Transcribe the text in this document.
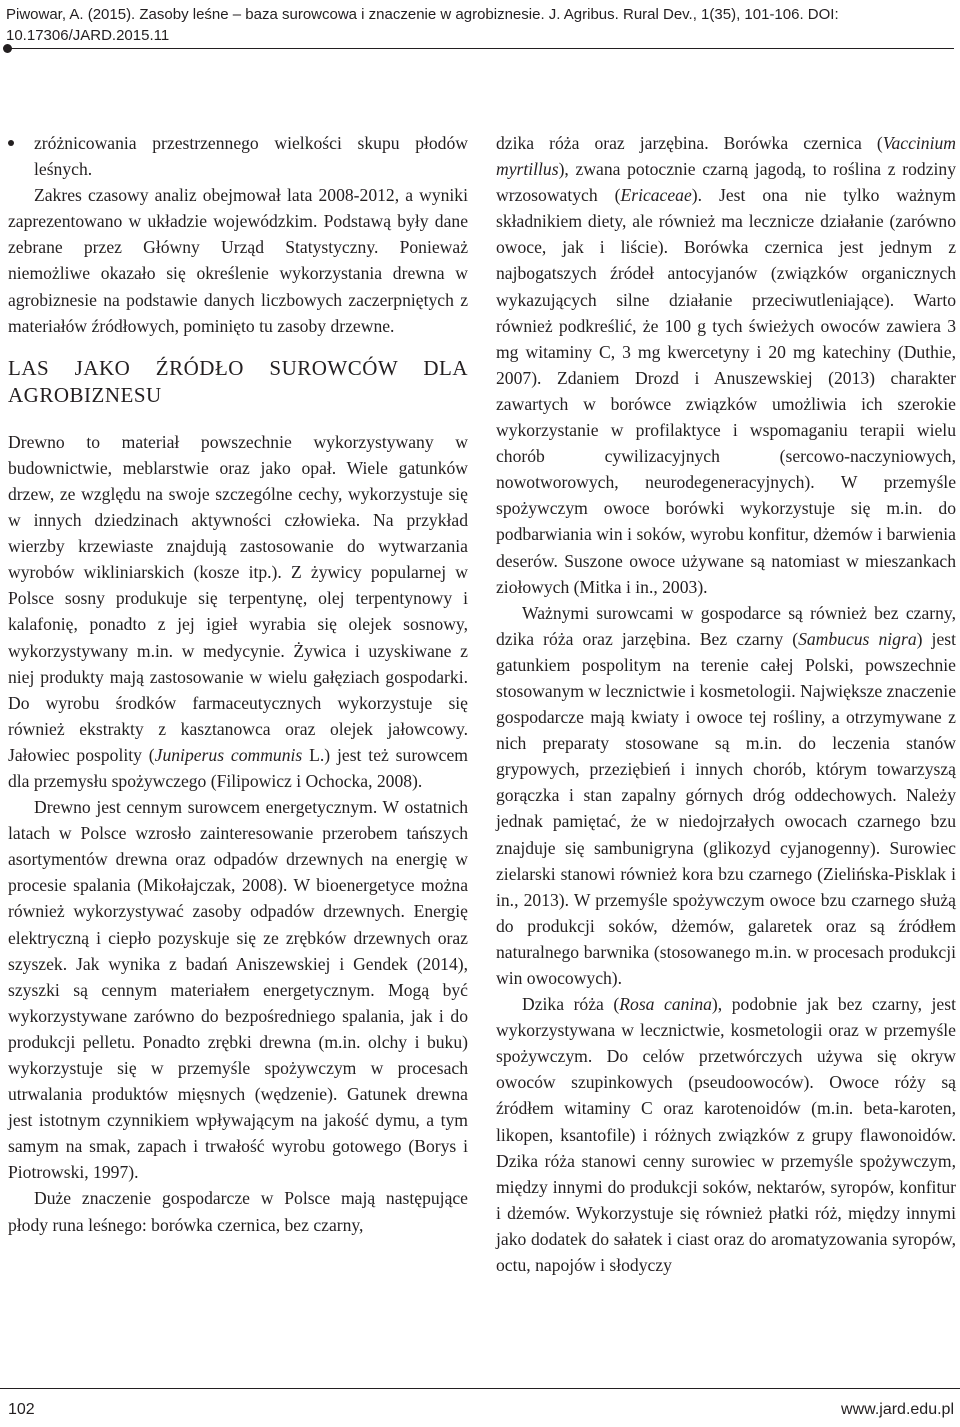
Piwowar, A. (2015). Zasoby leśne – baza surowcowa i znaczenie w agrobiznesie. J. Agribus. Rural Dev., 1(35), 101-106. DOI: 10.17306/JARD.2015.11

zróżnicowania przestrzennego wielkości skupu płodów leśnych.

Zakres czasowy analiz obejmował lata 2008-2012, a wyniki zaprezentowano w układzie wojewódzkim. Podstawą były dane zebrane przez Główny Urząd Statystyczny. Ponieważ niemożliwe okazało się określenie wykorzystania drewna w agrobiznesie na podstawie danych liczbowych zaczerpniętych z materiałów źródłowych, pominięto tu zasoby drzewne.

LAS JAKO ŹRÓDŁO SUROWCÓW DLA AGROBIZNESU

Drewno to materiał powszechnie wykorzystywany w budownictwie, meblarstwie oraz jako opał. Wiele gatunków drzew, ze względu na swoje szczególne cechy, wykorzystuje się w innych dziedzinach aktywności człowieka. Na przykład wierzby krzewiaste znajdują zastosowanie do wytwarzania wyrobów wikliniarskich (kosze itp.). Z żywicy popularnej w Polsce sosny produkuje się terpentynę, olej terpentynowy i kalafonię, ponadto z jej igieł wyrabia się olejek sosnowy, wykorzystywany m.in. w medycynie. Żywica i uzyskiwane z niej produkty mają zastosowanie w wielu gałęziach gospodarki. Do wyrobu środków farmaceutycznych wykorzystuje się również ekstrakty z kasztanowca oraz olejek jałowcowy. Jałowiec pospolity (Juniperus communis L.) jest też surowcem dla przemysłu spożywczego (Filipowicz i Ochocka, 2008).

Drewno jest cennym surowcem energetycznym. W ostatnich latach w Polsce wzrosło zainteresowanie przerobem tańszych asortymentów drewna oraz odpadów drzewnych na energię w procesie spalania (Mikołajczak, 2008). W bioenergetyce można również wykorzystywać zasoby odpadów drzewnych. Energię elektryczną i ciepło pozyskuje się ze zrębków drzewnych oraz szyszek. Jak wynika z badań Aniszewskiej i Gendek (2014), szyszki są cennym materiałem energetycznym. Mogą być wykorzystywane zarówno do bezpośredniego spalania, jak i do produkcji pelletu. Ponadto zrębki drewna (m.in. olchy i buku) wykorzystuje się w przemyśle spożywczym w procesach utrwalania produktów mięsnych (wędzenie). Gatunek drewna jest istotnym czynnikiem wpływającym na jakość dymu, a tym samym na smak, zapach i trwałość wyrobu gotowego (Borys i Piotrowski, 1997).

Duże znaczenie gospodarcze w Polsce mają następujące płody runa leśnego: borówka czernica, bez czarny,

dzika róża oraz jarzębina. Borówka czernica (Vaccinium myrtillus), zwana potocznie czarną jagodą, to roślina z rodziny wrzosowatych (Ericaceae). Jest ona nie tylko ważnym składnikiem diety, ale również ma lecznicze działanie (zarówno owoce, jak i liście). Borówka czernica jest jednym z najbogatszych źródeł antocyjanów (związków organicznych wykazujących silne działanie przeciwutleniające). Warto również podkreślić, że 100 g tych świeżych owoców zawiera 3 mg witaminy C, 3 mg kwercetyny i 20 mg katechiny (Duthie, 2007). Zdaniem Drozd i Anuszewskiej (2013) charakter zawartych w borówce związków umożliwia ich szerokie wykorzystanie w profilaktyce i wspomaganiu terapii wielu chorób cywilizacyjnych (sercowo-naczyniowych, nowotworowych, neurodegeneracyjnych). W przemyśle spożywczym owoce borówki wykorzystuje się m.in. do podbarwiania win i soków, wyrobu konfitur, dżemów i barwienia deserów. Suszone owoce używane są natomiast w mieszankach ziołowych (Mitka i in., 2003).

Ważnymi surowcami w gospodarce są również bez czarny, dzika róża oraz jarzębina. Bez czarny (Sambucus nigra) jest gatunkiem pospolitym na terenie całej Polski, powszechnie stosowanym w lecznictwie i kosmetologii. Największe znaczenie gospodarcze mają kwiaty i owoce tej rośliny, a otrzymywane z nich preparaty stosowane są m.in. do leczenia stanów grypowych, przeziębień i innych chorób, którym towarzyszą gorączka i stan zapalny górnych dróg oddechowych. Należy jednak pamiętać, że w niedojrzałych owocach czarnego bzu znajduje się sambunigryna (glikozyd cyjanogenny). Surowiec zielarski stanowi również kora bzu czarnego (Zielińska-Pisklak i in., 2013). W przemyśle spożywczym owoce bzu czarnego służą do produkcji soków, dżemów, galaretek oraz są źródłem naturalnego barwnika (stosowanego m.in. w procesach produkcji win owocowych).

Dzika róża (Rosa canina), podobnie jak bez czarny, jest wykorzystywana w lecznictwie, kosmetologii oraz w przemyśle spożywczym. Do celów przetwórczych używa się okryw owoców szupinkowych (pseudoowoców). Owoce róży są źródłem witaminy C oraz karotenoidów (m.in. beta-karoten, likopen, ksantofile) i różnych związków z grupy flawonoidów. Dzika róża stanowi cenny surowiec w przemyśle spożywczym, między innymi do produkcji soków, nektarów, syropów, konfitur i dżemów. Wykorzystuje się również płatki róż, między innymi jako dodatek do sałatek i ciast oraz do aromatyzowania syropów, octu, napojów i słodyczy

102	www.jard.edu.pl
